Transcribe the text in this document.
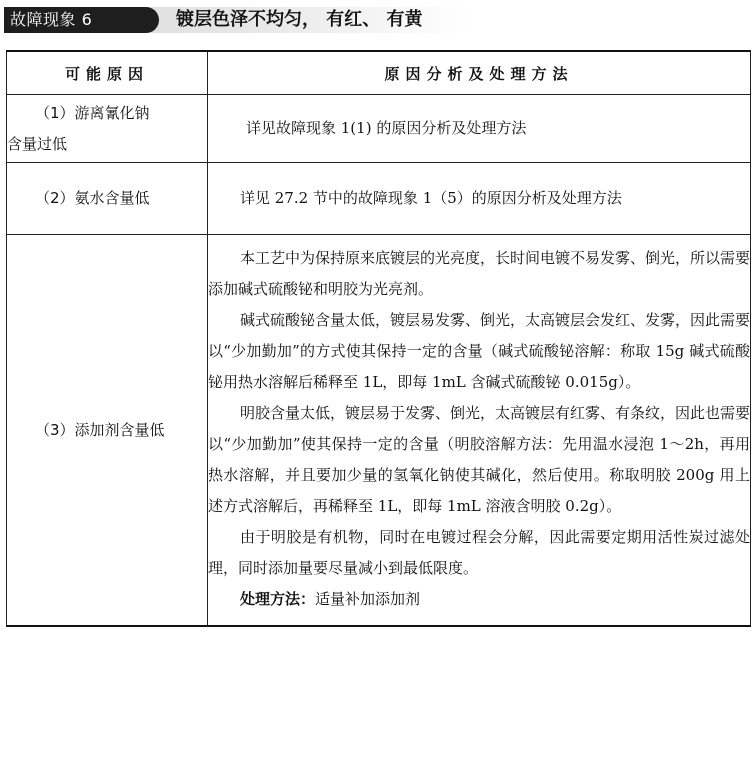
故障现象 6	镀层色泽不均匀， 有红、 有黄
可能原因	原因分析及处理方法

（1）游离氰化钠
含量过低	详见故障现象 1(1) 的原因分析及处理方法

（2）氨水含量低	详见 27.2 节中的故障现象 1（5）的原因分析及处理方法

（3）添加剂含量低	本工艺中为保持原来底镀层的光亮度，长时间电镀不易发雾、倒光，所以需要添加碱式硫酸铋和明胶为光亮剂。

碱式硫酸铋含量太低，镀层易发雾、倒光，太高镀层会发红、发雾，因此需要以“少加勤加”的方式使其保持一定的含量（碱式硫酸铋溶解：称取 15g 碱式硫酸铋用热水溶解后稀释至 1L，即每 1mL 含碱式硫酸铋 0.015g）。

明胶含量太低，镀层易于发雾、倒光，太高镀层有红雾、有条纹，因此也需要以“少加勤加”使其保持一定的含量（明胶溶解方法：先用温水浸泡 1～2h，再用热水溶解，并且要加少量的氢氧化钠使其碱化，然后使用。称取明胶 200g 用上述方式溶解后，再稀释至 1L，即每 1mL 溶液含明胶 0.2g）。

由于明胶是有机物，同时在电镀过程会分解，因此需要定期用活性炭过滤处理，同时添加量要尽量减小到最低限度。

处理方法：适量补加添加剂
